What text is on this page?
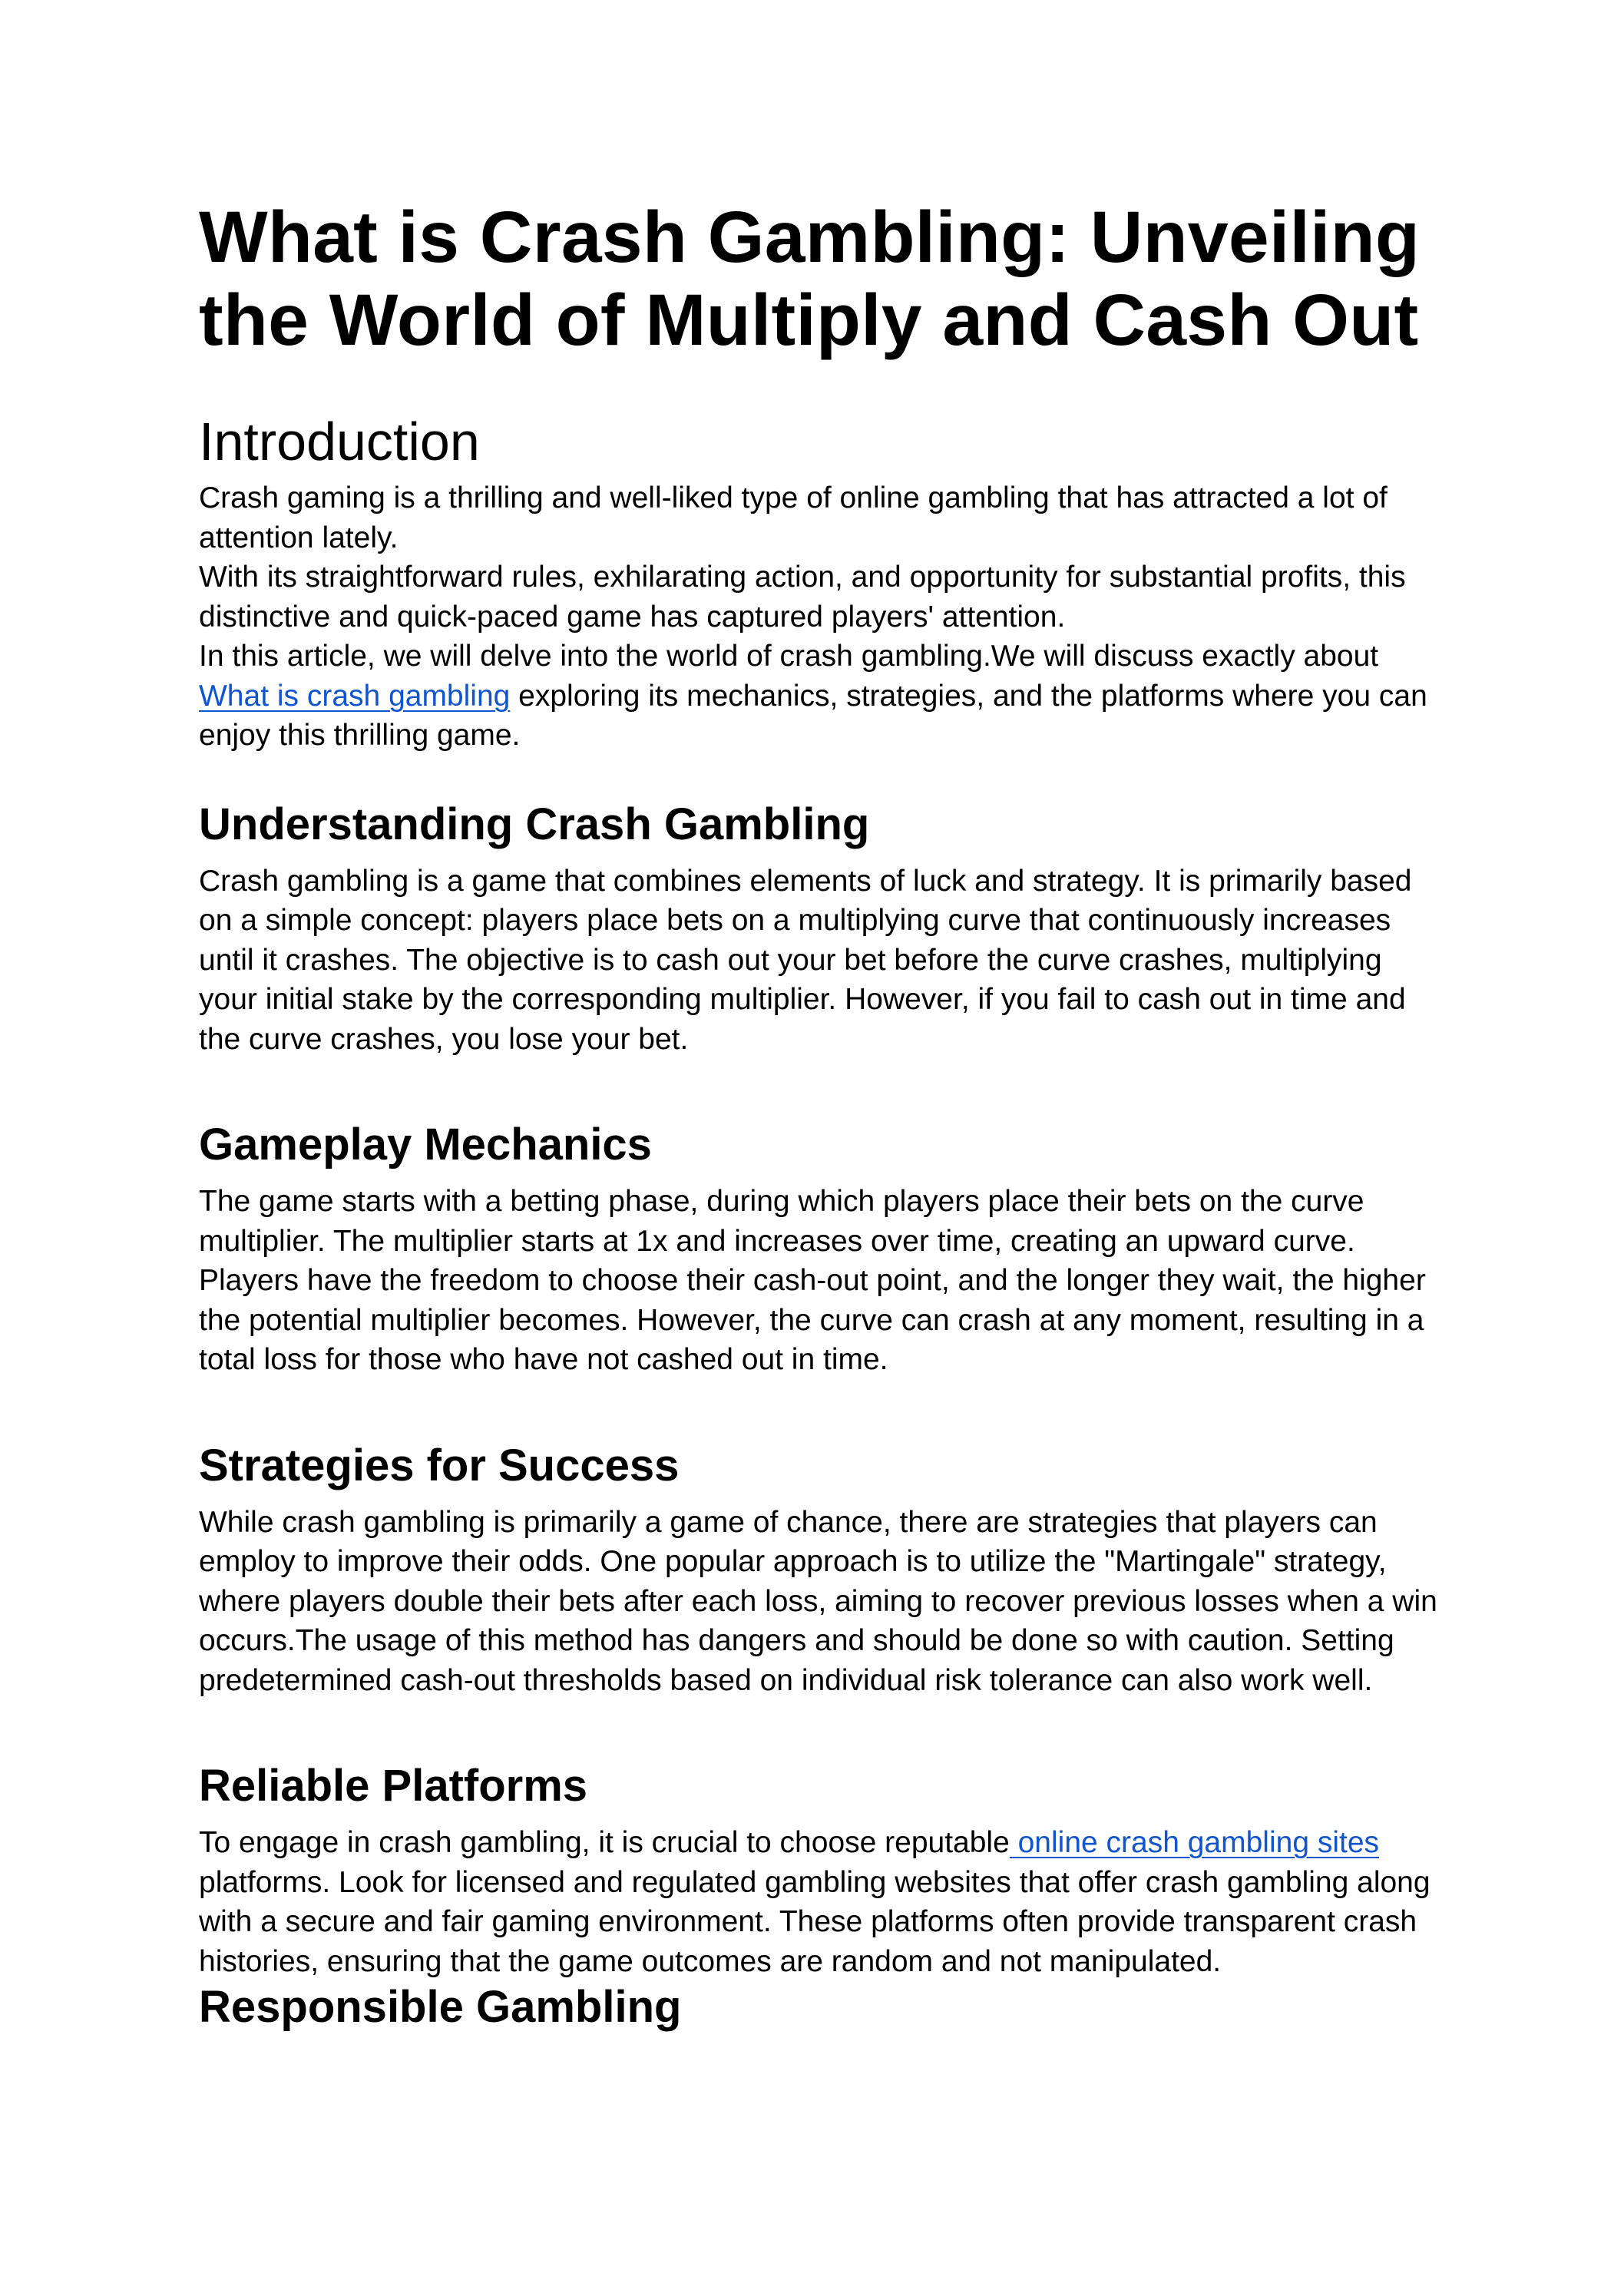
What is Crash Gambling: Unveiling the World of Multiply and Cash Out
Introduction

Crash gaming is a thrilling and well-liked type of online gambling that has attracted a lot of attention lately.

With its straightforward rules, exhilarating action, and opportunity for substantial profits, this distinctive and quick-paced game has captured players' attention.

In this article, we will delve into the world of crash gambling.We will discuss exactly about What is crash gambling exploring its mechanics, strategies, and the platforms where you can enjoy this thrilling game.

Understanding Crash Gambling

Crash gambling is a game that combines elements of luck and strategy. It is primarily based on a simple concept: players place bets on a multiplying curve that continuously increases until it crashes. The objective is to cash out your bet before the curve crashes, multiplying your initial stake by the corresponding multiplier. However, if you fail to cash out in time and the curve crashes, you lose your bet.

Gameplay Mechanics

The game starts with a betting phase, during which players place their bets on the curve multiplier. The multiplier starts at 1x and increases over time, creating an upward curve. Players have the freedom to choose their cash-out point, and the longer they wait, the higher the potential multiplier becomes. However, the curve can crash at any moment, resulting in a total loss for those who have not cashed out in time.

Strategies for Success

While crash gambling is primarily a game of chance, there are strategies that players can employ to improve their odds. One popular approach is to utilize the "Martingale" strategy, where players double their bets after each loss, aiming to recover previous losses when a win occurs.The usage of this method has dangers and should be done so with caution. Setting predetermined cash-out thresholds based on individual risk tolerance can also work well.

Reliable Platforms

To engage in crash gambling, it is crucial to choose reputable online crash gambling sites platforms. Look for licensed and regulated gambling websites that offer crash gambling along with a secure and fair gaming environment. These platforms often provide transparent crash histories, ensuring that the game outcomes are random and not manipulated.

Responsible Gambling
